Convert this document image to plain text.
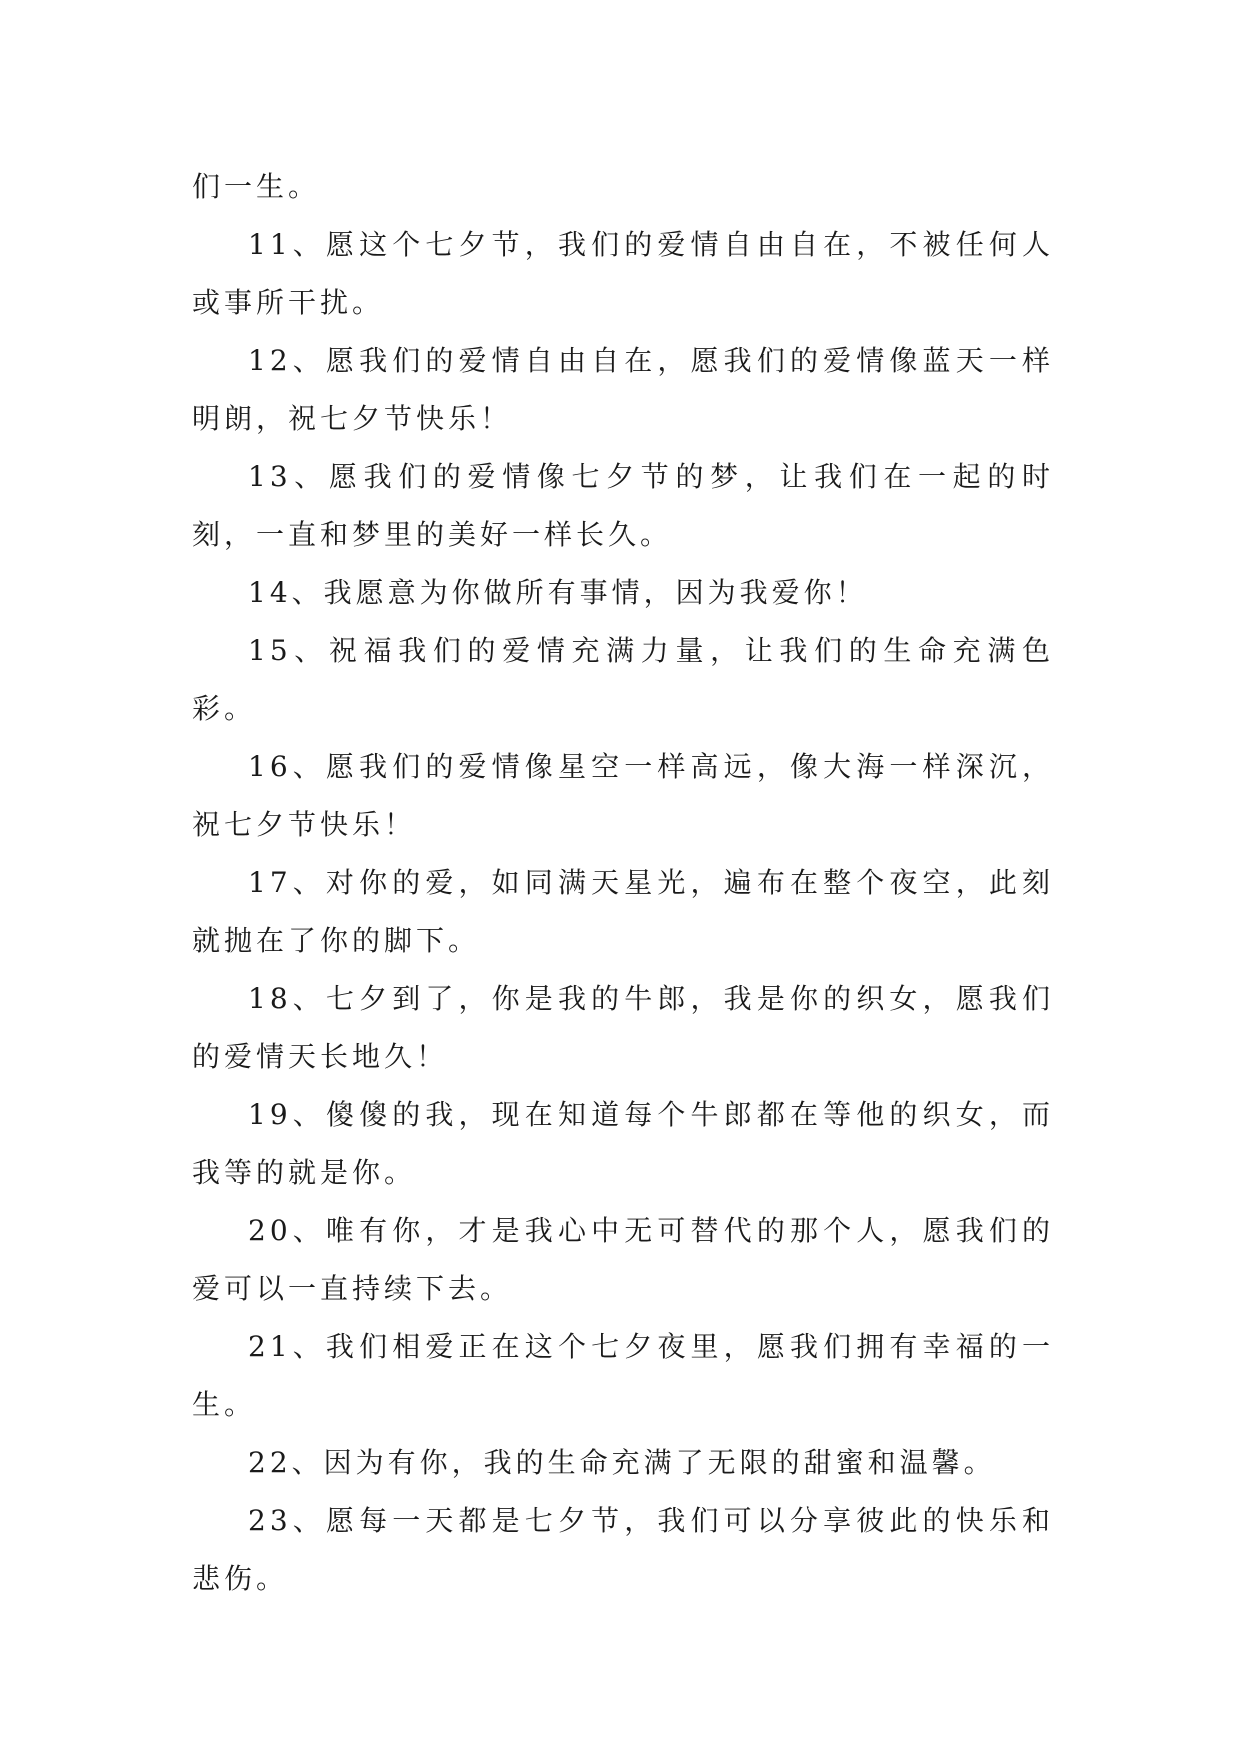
们一生。

11、愿这个七夕节，我们的爱情自由自在，不被任何人或事所干扰。

12、愿我们的爱情自由自在，愿我们的爱情像蓝天一样明朗，祝七夕节快乐！

13、愿我们的爱情像七夕节的梦，让我们在一起的时刻，一直和梦里的美好一样长久。

14、我愿意为你做所有事情，因为我爱你！

15、祝福我们的爱情充满力量，让我们的生命充满色彩。

16、愿我们的爱情像星空一样高远，像大海一样深沉，祝七夕节快乐！

17、对你的爱，如同满天星光，遍布在整个夜空，此刻就抛在了你的脚下。

18、七夕到了，你是我的牛郎，我是你的织女，愿我们的爱情天长地久！

19、傻傻的我，现在知道每个牛郎都在等他的织女，而我等的就是你。

20、唯有你，才是我心中无可替代的那个人，愿我们的爱可以一直持续下去。

21、我们相爱正在这个七夕夜里，愿我们拥有幸福的一生。

22、因为有你，我的生命充满了无限的甜蜜和温馨。

23、愿每一天都是七夕节，我们可以分享彼此的快乐和悲伤。
